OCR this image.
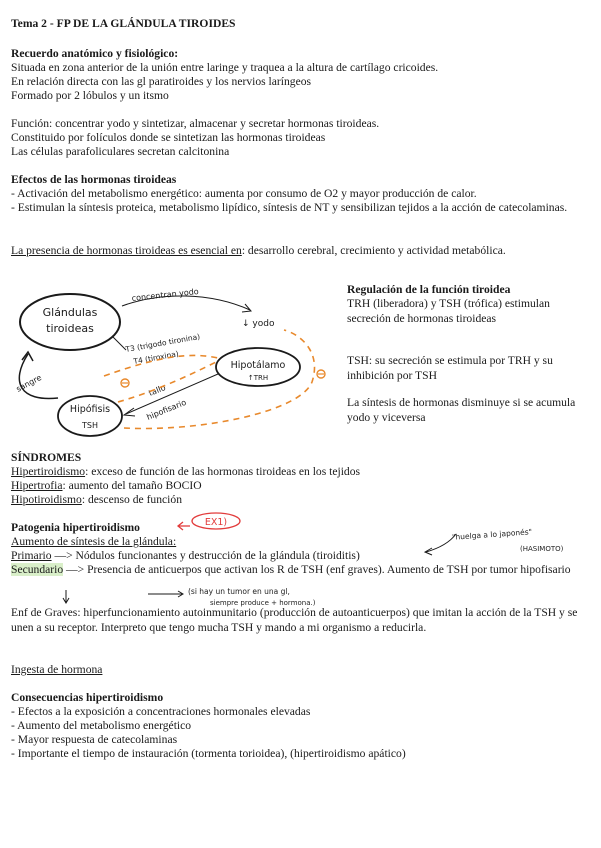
Tema 2 - FP DE LA GLÁNDULA TIROIDES
Recuerdo anatómico y fisiológico:
Situada en zona anterior de la unión entre laringe y traquea a la altura de cartílago cricoides.
En relación directa con las gl paratiroides y los nervios laríngeos
Formado por 2 lóbulos y un itsmo
Función: concentrar yodo y sintetizar, almacenar y secretar hormonas tiroideas.
Constituido por folículos donde se sintetizan las hormonas tiroideas
Las células parafoliculares secretan calcitonina
Efectos de las hormonas tiroideas
- Activación del metabolismo energético: aumenta por consumo de O2 y mayor producción de calor.
- Estimulan la síntesis proteica, metabolismo lipídico, síntesis de NT y sensibilizan tejidos a la acción de catecolaminas.
La presencia de hormonas tiroideas es esencial en: desarrollo cerebral, crecimiento y actividad metabólica.
Glándulas
tiroideas
concentran yodo
↓ yodo
T3 (trigodo tironina)
T4 (tiroxina)	Hipotálamo
↑TRH
Hipófisis
TSH
sangre	tallo
hipofisario
Regulación de la función tiroidea
TRH (liberadora) y TSH (trófica) estimulan secreción de hormonas tiroideas
TSH: su secreción se estimula por TRH y su inhibición por TSH
La síntesis de hormonas disminuye si se acumula yodo y viceversa
SÍNDROMES
Hipertiroidismo: exceso de función de las hormonas tiroideas en los tejidos
Hipertrofia: aumento del tamaño BOCIO
Hipotiroidismo: descenso de función
Patogenia hipertiroidismo	EX1)
Aumento de síntesis de la glándula:
Primario —> Nódulos funcionantes y destrucción de la glándula (tiroiditis)
Secundario —> Presencia de anticuerpos que activan los R de TSH (enf graves). Aumento de TSH por tumor hipofisario
"huelga a lo japonés"
(HASIMOTO)
(si hay un tumor en una gl,
siempre produce + hormona.)
Enf de Graves: hiperfuncionamiento autoinmunitario (producción de autoanticuerpos) que imitan la acción de la TSH y se unen a su receptor. Interpreto que tengo mucha TSH y mando a mi organismo a reducirla.
Ingesta de hormona
Consecuencias hipertiroidismo
- Efectos a la exposición a concentraciones hormonales elevadas
- Aumento del metabolismo energético
- Mayor respuesta de catecolaminas
- Importante el tiempo de instauración (tormenta torioidea), (hipertiroidismo apático)
